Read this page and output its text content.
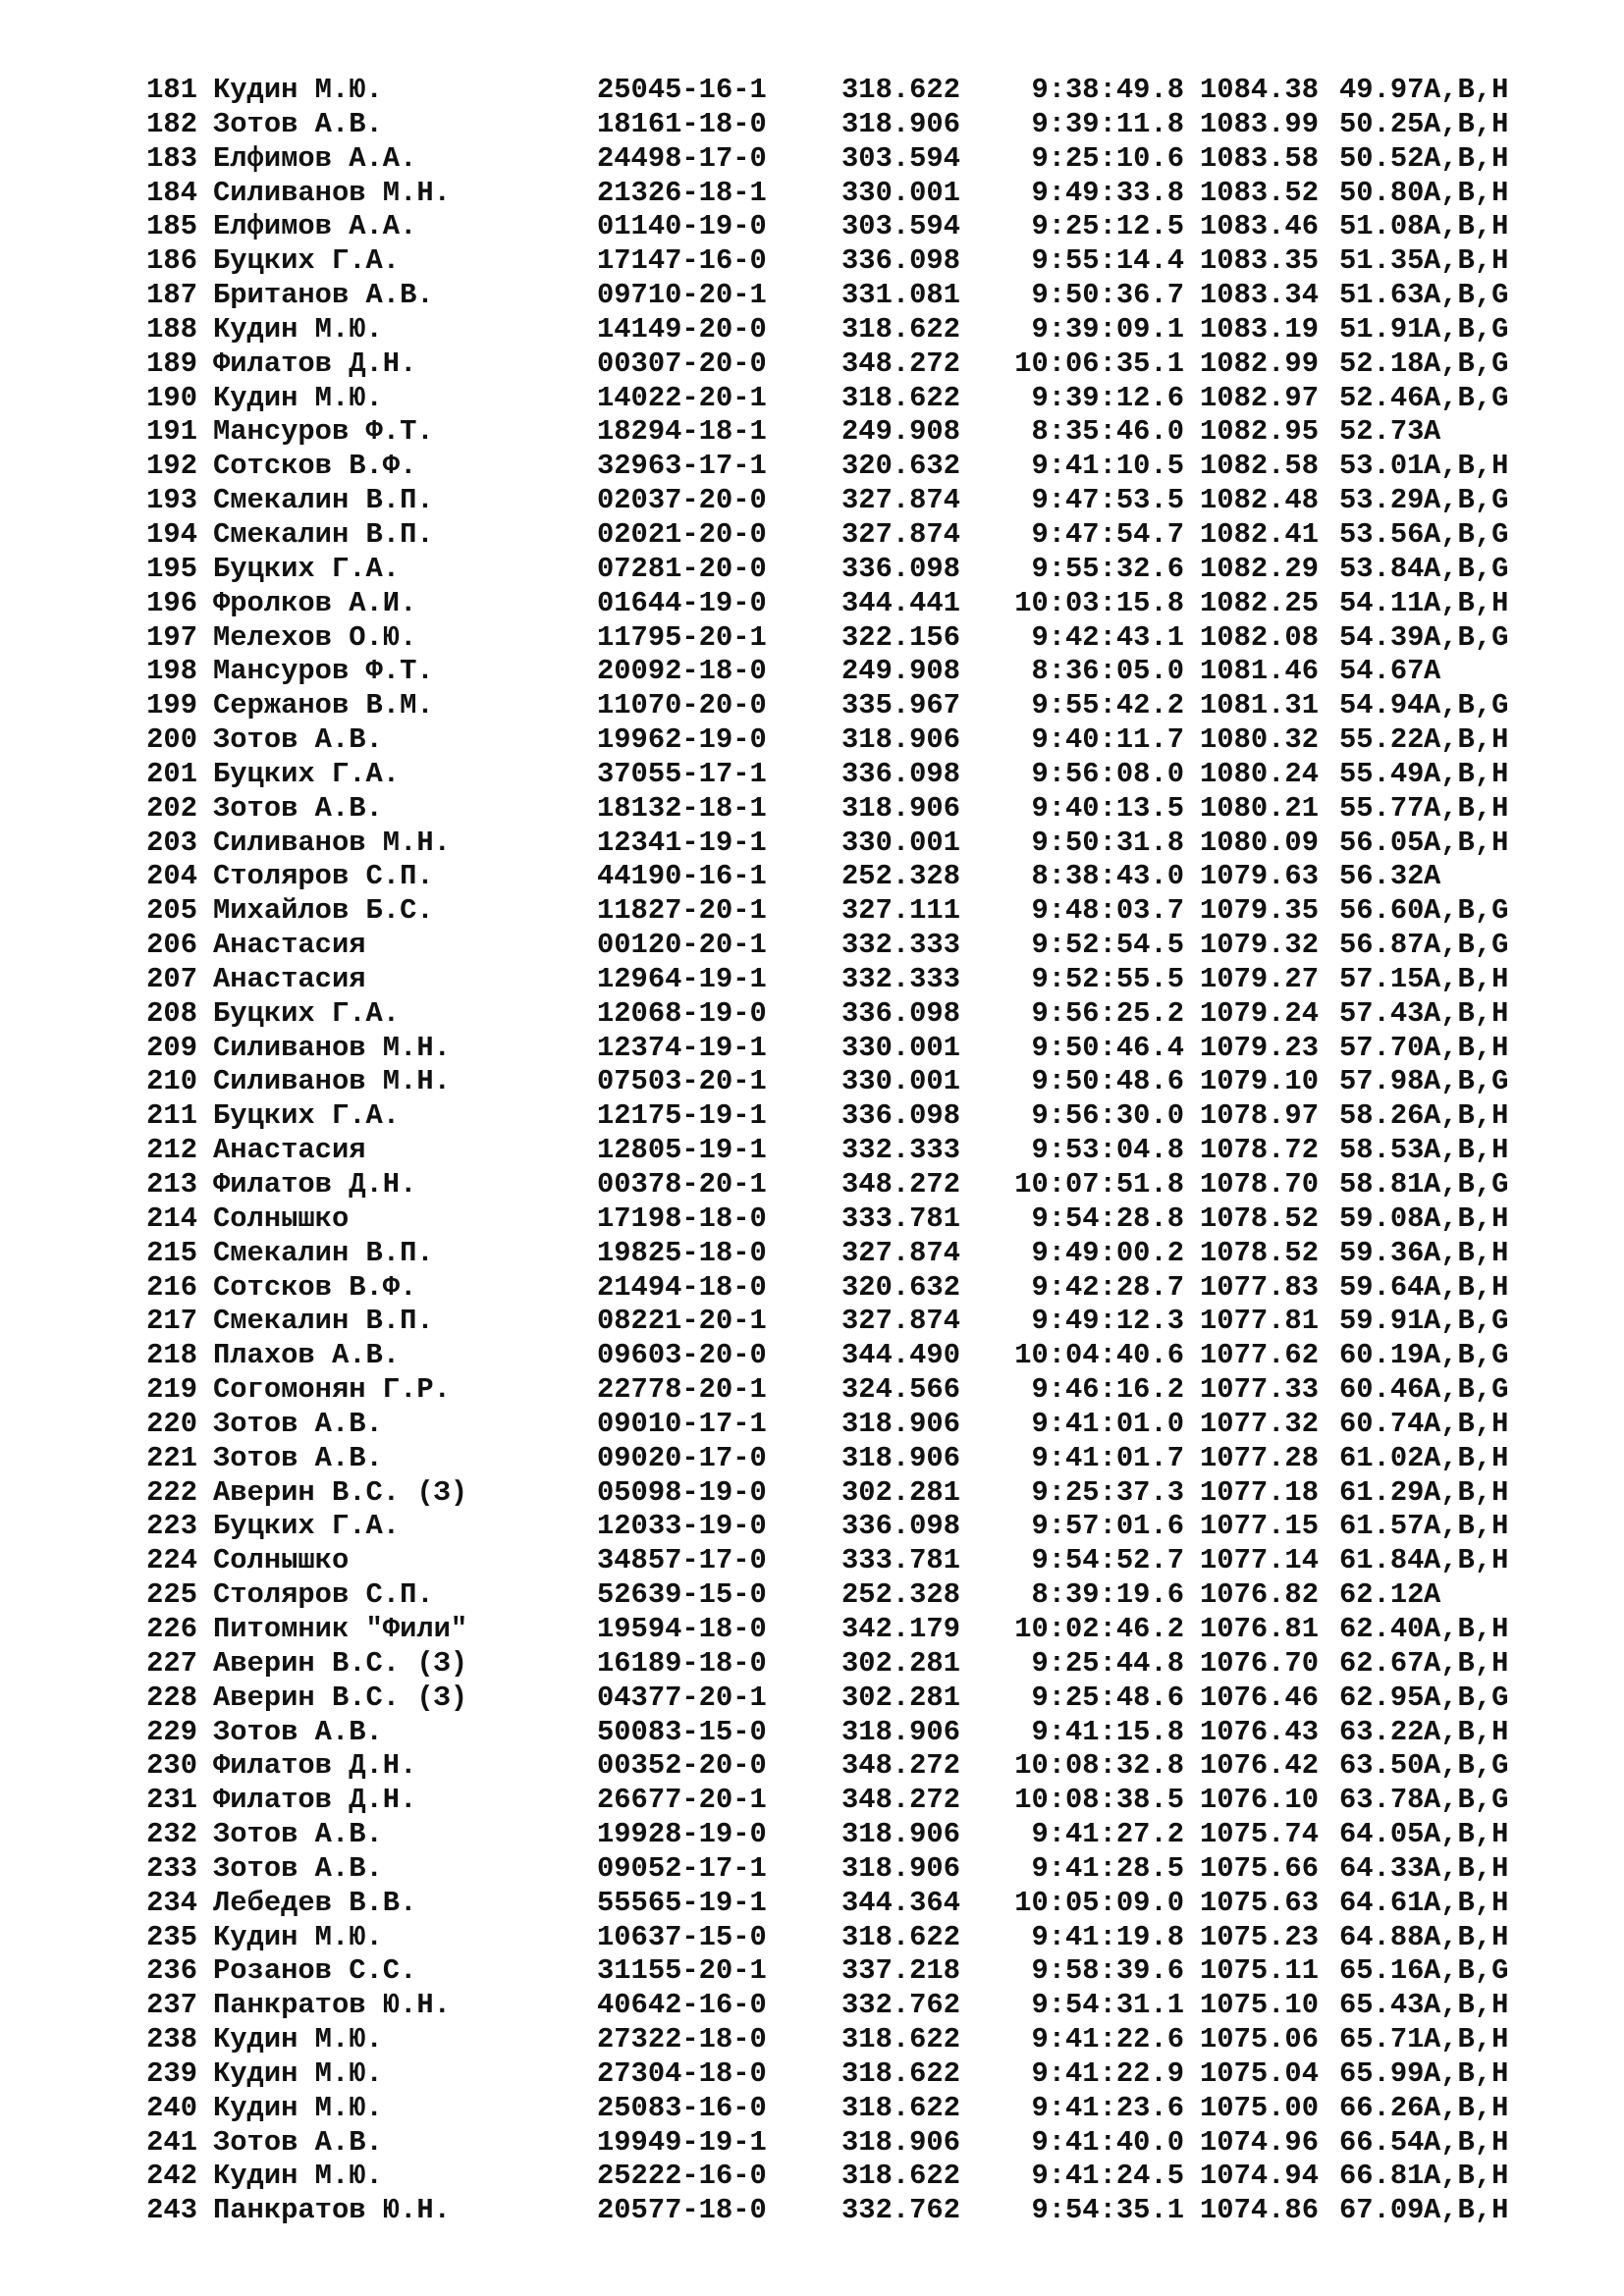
181 Кудин М.Ю.	25045-16-1	318.622	9:38:49.8 1084.38 49.97 A,B,H
182 Зотов А.В.	18161-18-0	318.906	9:39:11.8 1083.99 50.25 A,B,H
183 Елфимов А.А.	24498-17-0	303.594	9:25:10.6 1083.58 50.52 A,B,H
184 Силиванов М.Н.	21326-18-1	330.001	9:49:33.8 1083.52 50.80 A,B,H
185 Елфимов А.А.	01140-19-0	303.594	9:25:12.5 1083.46 51.08 A,B,H
186 Буцких Г.А.	17147-16-0	336.098	9:55:14.4 1083.35 51.35 A,B,H
187 Британов А.В.	09710-20-1	331.081	9:50:36.7 1083.34 51.63 A,B,G
188 Кудин М.Ю.	14149-20-0	318.622	9:39:09.1 1083.19 51.91 A,B,G
189 Филатов Д.Н.	00307-20-0	348.272	10:06:35.1 1082.99 52.18 A,B,G
190 Кудин М.Ю.	14022-20-1	318.622	9:39:12.6 1082.97 52.46 A,B,G
191 Мансуров Ф.Т.	18294-18-1	249.908	8:35:46.0 1082.95 52.73 A
192 Сотсков В.Ф.	32963-17-1	320.632	9:41:10.5 1082.58 53.01 A,B,H
193 Смекалин В.П.	02037-20-0	327.874	9:47:53.5 1082.48 53.29 A,B,G
194 Смекалин В.П.	02021-20-0	327.874	9:47:54.7 1082.41 53.56 A,B,G
195 Буцких Г.А.	07281-20-0	336.098	9:55:32.6 1082.29 53.84 A,B,G
196 Фролков А.И.	01644-19-0	344.441	10:03:15.8 1082.25 54.11 A,B,H
197 Мелехов О.Ю.	11795-20-1	322.156	9:42:43.1 1082.08 54.39 A,B,G
198 Мансуров Ф.Т.	20092-18-0	249.908	8:36:05.0 1081.46 54.67 A
199 Сержанов В.М.	11070-20-0	335.967	9:55:42.2 1081.31 54.94 A,B,G
200 Зотов А.В.	19962-19-0	318.906	9:40:11.7 1080.32 55.22 A,B,H
201 Буцких Г.А.	37055-17-1	336.098	9:56:08.0 1080.24 55.49 A,B,H
202 Зотов А.В.	18132-18-1	318.906	9:40:13.5 1080.21 55.77 A,B,H
203 Силиванов М.Н.	12341-19-1	330.001	9:50:31.8 1080.09 56.05 A,B,H
204 Столяров С.П.	44190-16-1	252.328	8:38:43.0 1079.63 56.32 A
205 Михайлов Б.С.	11827-20-1	327.111	9:48:03.7 1079.35 56.60 A,B,G
206 Анастасия	00120-20-1	332.333	9:52:54.5 1079.32 56.87 A,B,G
207 Анастасия	12964-19-1	332.333	9:52:55.5 1079.27 57.15 A,B,H
208 Буцких Г.А.	12068-19-0	336.098	9:56:25.2 1079.24 57.43 A,B,H
209 Силиванов М.Н.	12374-19-1	330.001	9:50:46.4 1079.23 57.70 A,B,H
210 Силиванов М.Н.	07503-20-1	330.001	9:50:48.6 1079.10 57.98 A,B,G
211 Буцких Г.А.	12175-19-1	336.098	9:56:30.0 1078.97 58.26 A,B,H
212 Анастасия	12805-19-1	332.333	9:53:04.8 1078.72 58.53 A,B,H
213 Филатов Д.Н.	00378-20-1	348.272	10:07:51.8 1078.70 58.81 A,B,G
214 Солнышко	17198-18-0	333.781	9:54:28.8 1078.52 59.08 A,B,H
215 Смекалин В.П.	19825-18-0	327.874	9:49:00.2 1078.52 59.36 A,B,H
216 Сотсков В.Ф.	21494-18-0	320.632	9:42:28.7 1077.83 59.64 A,B,H
217 Смекалин В.П.	08221-20-1	327.874	9:49:12.3 1077.81 59.91 A,B,G
218 Плахов А.В.	09603-20-0	344.490	10:04:40.6 1077.62 60.19 A,B,G
219 Согомонян Г.Р.	22778-20-1	324.566	9:46:16.2 1077.33 60.46 A,B,G
220 Зотов А.В.	09010-17-1	318.906	9:41:01.0 1077.32 60.74 A,B,H
221 Зотов А.В.	09020-17-0	318.906	9:41:01.7 1077.28 61.02 A,B,H
222 Аверин В.С. (З)	05098-19-0	302.281	9:25:37.3 1077.18 61.29 A,B,H
223 Буцких Г.А.	12033-19-0	336.098	9:57:01.6 1077.15 61.57 A,B,H
224 Солнышко	34857-17-0	333.781	9:54:52.7 1077.14 61.84 A,B,H
225 Столяров С.П.	52639-15-0	252.328	8:39:19.6 1076.82 62.12 A
226 Питомник "Фили"	19594-18-0	342.179	10:02:46.2 1076.81 62.40 A,B,H
227 Аверин В.С. (З)	16189-18-0	302.281	9:25:44.8 1076.70 62.67 A,B,H
228 Аверин В.С. (З)	04377-20-1	302.281	9:25:48.6 1076.46 62.95 A,B,G
229 Зотов А.В.	50083-15-0	318.906	9:41:15.8 1076.43 63.22 A,B,H
230 Филатов Д.Н.	00352-20-0	348.272	10:08:32.8 1076.42 63.50 A,B,G
231 Филатов Д.Н.	26677-20-1	348.272	10:08:38.5 1076.10 63.78 A,B,G
232 Зотов А.В.	19928-19-0	318.906	9:41:27.2 1075.74 64.05 A,B,H
233 Зотов А.В.	09052-17-1	318.906	9:41:28.5 1075.66 64.33 A,B,H
234 Лебедев В.В.	55565-19-1	344.364	10:05:09.0 1075.63 64.61 A,B,H
235 Кудин М.Ю.	10637-15-0	318.622	9:41:19.8 1075.23 64.88 A,B,H
236 Розанов С.С.	31155-20-1	337.218	9:58:39.6 1075.11 65.16 A,B,G
237 Панкратов Ю.Н.	40642-16-0	332.762	9:54:31.1 1075.10 65.43 A,B,H
238 Кудин М.Ю.	27322-18-0	318.622	9:41:22.6 1075.06 65.71 A,B,H
239 Кудин М.Ю.	27304-18-0	318.622	9:41:22.9 1075.04 65.99 A,B,H
240 Кудин М.Ю.	25083-16-0	318.622	9:41:23.6 1075.00 66.26 A,B,H
241 Зотов А.В.	19949-19-1	318.906	9:41:40.0 1074.96 66.54 A,B,H
242 Кудин М.Ю.	25222-16-0	318.622	9:41:24.5 1074.94 66.81 A,B,H
243 Панкратов Ю.Н.	20577-18-0	332.762	9:54:35.1 1074.86 67.09 A,B,H
